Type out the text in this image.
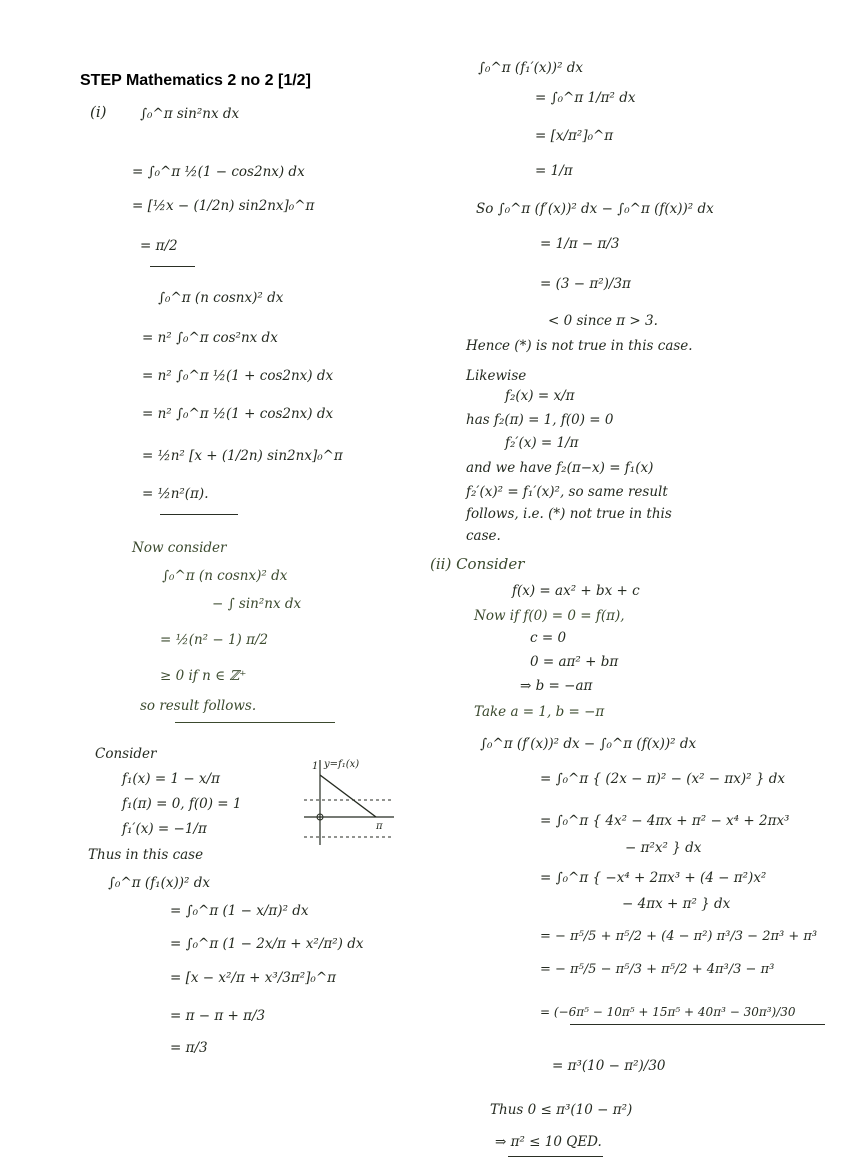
STEP Mathematics 2 no 2 [1/2]
(i) ∫₀^π sin²nx dx
= ∫₀^π ½(1 − cos2nx) dx
= [½x − (1/2n) sin2nx]₀^π
= π/2
∫₀^π (n cosnx)² dx
= n² ∫₀^π cos²nx dx
= n² ∫₀^π ½(1 + cos2nx) dx
= n² ∫₀^π ½(1 + cos2nx) dx
= ½n² [x + (1/2n) sin2nx]₀^π
= ½n²(π).
Now consider
∫₀^π (n cosnx)² dx
− ∫ sin²nx dx
= ½(n² − 1) π/2
≥ 0 if n ∈ ℤ⁺
so result follows.
Consider
f₁(x) = 1 − x/π
f₁(π) = 0, f(0) = 1
f₁′(x) = −1/π
Thus in this case
∫₀^π (f₁(x))² dx
= ∫₀^π (1 − x/π)² dx
= ∫₀^π (1 − 2x/π + x²/π²) dx
= [x − x²/π + x³/3π²]₀^π
= π − π + π/3
= π/3
y=f₁(x)
1
π
∫₀^π (f₁′(x))² dx
= ∫₀^π 1/π² dx
= [x/π²]₀^π
= 1/π
So ∫₀^π (f′(x))² dx − ∫₀^π (f(x))² dx
= 1/π − π/3
= (3 − π²)/3π
< 0 since π > 3.
Hence (*) is not true in this case.
Likewise
f₂(x) = x/π
has f₂(π) = 1, f(0) = 0
f₂′(x) = 1/π
and we have f₂(π−x) = f₁(x)
f₂′(x)² = f₁′(x)², so same result
follows, i.e. (*) not true in this
case.
(ii) Consider
f(x) = ax² + bx + c
Now if f(0) = 0 = f(π),
c = 0
0 = aπ² + bπ
⇒ b = −aπ
Take a = 1, b = −π
∫₀^π (f′(x))² dx − ∫₀^π (f(x))² dx
= ∫₀^π { (2x − π)² − (x² − πx)² } dx
= ∫₀^π { 4x² − 4πx + π² − x⁴ + 2πx³
− π²x² } dx
= ∫₀^π { −x⁴ + 2πx³ + (4 − π²)x²
− 4πx + π² } dx
= − π⁵/5 + π⁵/2 + (4 − π²) π³/3 − 2π³ + π³
= − π⁵/5 − π⁵/3 + π⁵/2 + 4π³/3 − π³
= (−6π⁵ − 10π⁵ + 15π⁵ + 40π³ − 30π³)/30
= π³(10 − π²)/30
Thus 0 ≤ π³(10 − π²)
⇒ π² ≤ 10 QED.
